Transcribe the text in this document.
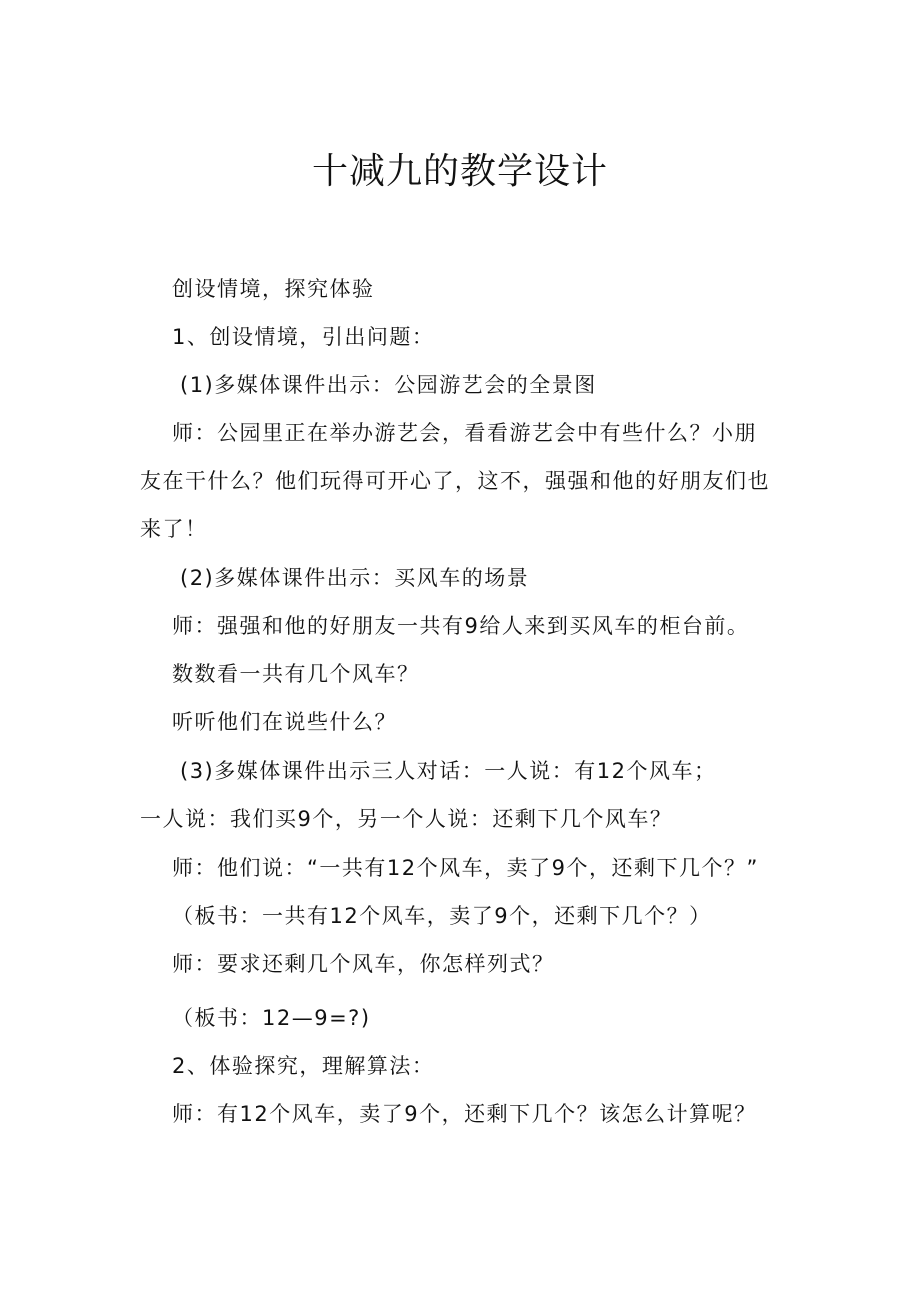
十减九的教学设计

创设情境，探究体验

1、创设情境，引出问题：

(1)多媒体课件出示：公园游艺会的全景图

师：公园里正在举办游艺会，看看游艺会中有些什么？小朋

友在干什么？他们玩得可开心了，这不，强强和他的好朋友们也

来了！

(2)多媒体课件出示：买风车的场景

师：强强和他的好朋友一共有9给人来到买风车的柜台前。

数数看一共有几个风车？

听听他们在说些什么？

(3)多媒体课件出示三人对话：一人说：有12个风车；

一人说：我们买9个，另一个人说：还剩下几个风车？

师：他们说：“一共有12个风车，卖了9个，还剩下几个？”

（板书：一共有12个风车，卖了9个，还剩下几个？）

师：要求还剩几个风车，你怎样列式？

（板书：12—9=?)

2、体验探究，理解算法：

师：有12个风车，卖了9个，还剩下几个？该怎么计算呢？
